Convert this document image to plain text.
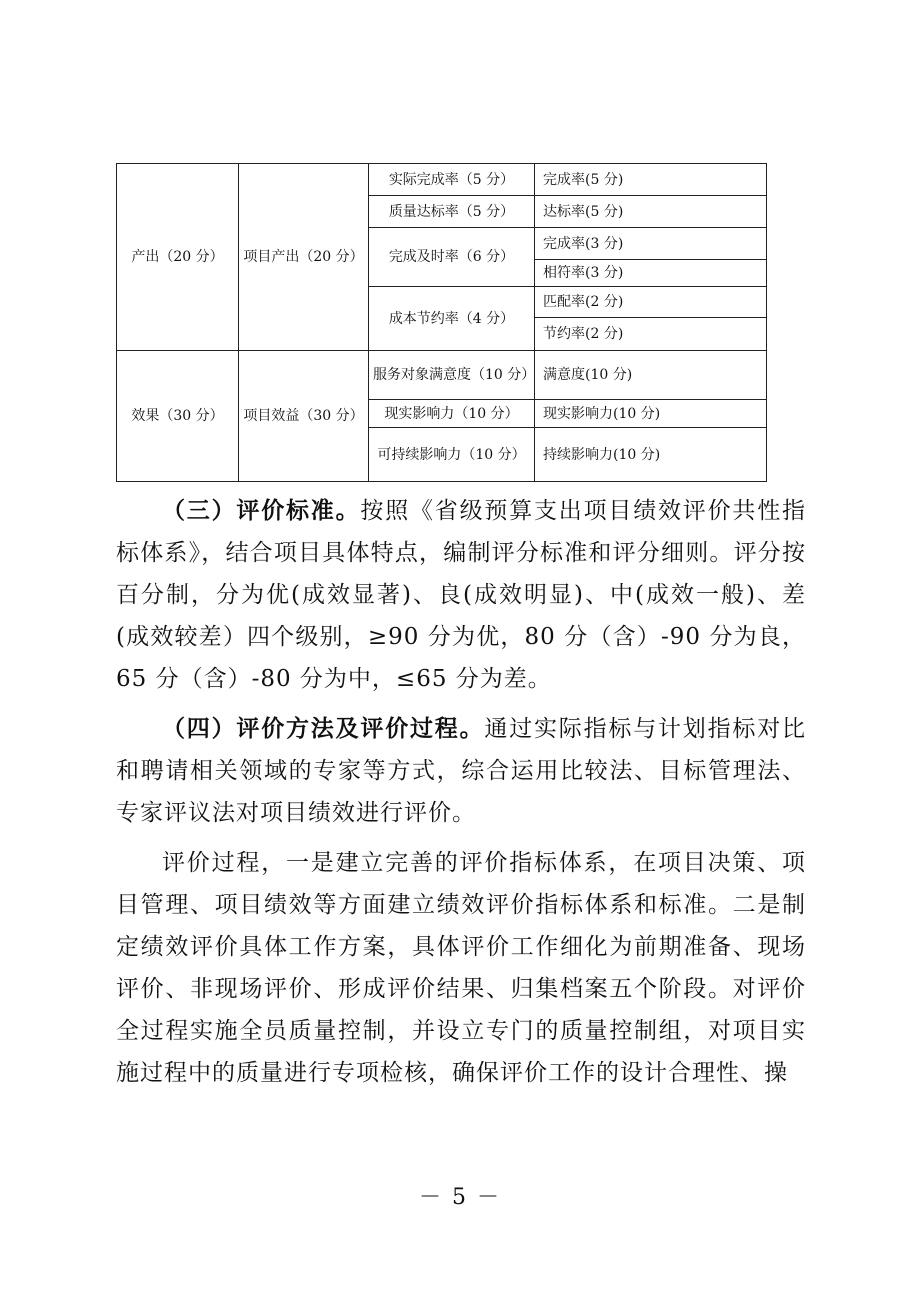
产出（20 分）	项目产出（20 分）	实际完成率（5 分）	完成率(5 分)
		质量达标率（5 分）	达标率(5 分)
		完成及时率（6 分）	完成率(3 分)
			相符率(3 分)
		成本节约率（4 分）	匹配率(2 分)
			节约率(2 分)
效果（30 分）	项目效益（30 分）	服务对象满意度（10 分）	满意度(10 分)
		现实影响力（10 分）	现实影响力(10 分)
		可持续影响力（10 分）	持续影响力(10 分)

（三）评价标准。按照《省级预算支出项目绩效评价共性指标体系》，结合项目具体特点，编制评分标准和评分细则。评分按百分制，分为优(成效显著)、良(成效明显)、中(成效一般)、差(成效较差）四个级别，≥90 分为优，80 分（含）-90 分为良，65 分（含）-80 分为中，≤65 分为差。

（四）评价方法及评价过程。通过实际指标与计划指标对比和聘请相关领域的专家等方式，综合运用比较法、目标管理法、专家评议法对项目绩效进行评价。

评价过程，一是建立完善的评价指标体系，在项目决策、项目管理、项目绩效等方面建立绩效评价指标体系和标准。二是制定绩效评价具体工作方案，具体评价工作细化为前期准备、现场评价、非现场评价、形成评价结果、归集档案五个阶段。对评价全过程实施全员质量控制，并设立专门的质量控制组，对项目实施过程中的质量进行专项检核，确保评价工作的设计合理性、操

－ 5 －
